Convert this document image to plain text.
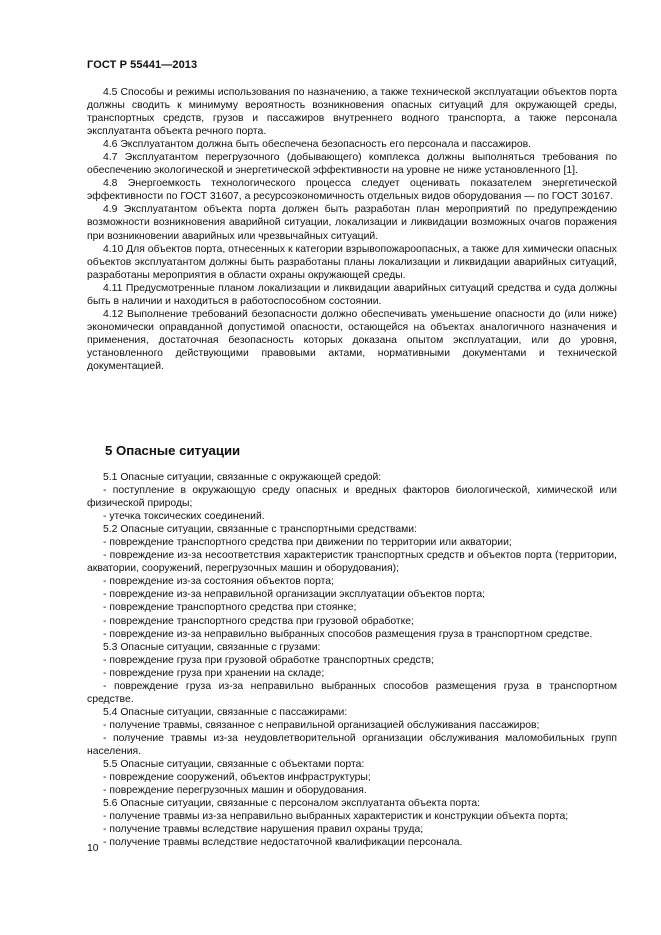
ГОСТ Р 55441—2013

4.5 Способы и режимы использования по назначению, а также технической эксплуатации объектов порта должны сводить к минимуму вероятность возникновения опасных ситуаций для окружающей среды, транспортных средств, грузов и пассажиров внутреннего водного транспорта, а также персонала эксплуатанта объекта речного порта.

4.6 Эксплуатантом должна быть обеспечена безопасность его персонала и пассажиров.

4.7 Эксплуатантом перегрузочного (добывающего) комплекса должны выполняться требования по обеспечению экологической и энергетической эффективности на уровне не ниже установленного [1].

4.8 Энергоемкость технологического процесса следует оценивать показателем энергетической эффективности по ГОСТ 31607, а ресурсоэкономичность отдельных видов оборудования — по ГОСТ 30167.

4.9 Эксплуатантом объекта порта должен быть разработан план мероприятий по предупреждению возможности возникновения аварийной ситуации, локализации и ликвидации возможных очагов поражения при возникновении аварийных или чрезвычайных ситуаций.

4.10 Для объектов порта, отнесенных к категории взрывопожароопасных, а также для химически опасных объектов эксплуатантом должны быть разработаны планы локализации и ликвидации аварийных ситуаций, разработаны мероприятия в области охраны окружающей среды.

4.11 Предусмотренные планом локализации и ликвидации аварийных ситуаций средства и суда должны быть в наличии и находиться в работоспособном состоянии.

4.12 Выполнение требований безопасности должно обеспечивать уменьшение опасности до (или ниже) экономически оправданной допустимой опасности, остающейся на объектах аналогичного назначения и применения, достаточная безопасность которых доказана опытом эксплуатации, или до уровня, установленного действующими правовыми актами, нормативными документами и технической документацией.

5 Опасные ситуации

5.1 Опасные ситуации, связанные с окружающей средой:

- поступление в окружающую среду опасных и вредных факторов биологической, химической или физической природы;

- утечка токсических соединений.

5.2 Опасные ситуации, связанные с транспортными средствами:

- повреждение транспортного средства при движении по территории или акватории;

- повреждение из-за несоответствия характеристик транспортных средств и объектов порта (территории, акватории, сооружений, перегрузочных машин и оборудования);

- повреждение из-за состояния объектов порта;

- повреждение из-за неправильной организации эксплуатации объектов порта;

- повреждение транспортного средства при стоянке;

- повреждение транспортного средства при грузовой обработке;

- повреждение из-за неправильно выбранных способов размещения груза в транспортном средстве.

5.3 Опасные ситуации, связанные с грузами:

- повреждение груза при грузовой обработке транспортных средств;

- повреждение груза при хранении на складе;

- повреждение груза из-за неправильно выбранных способов размещения груза в транспортном средстве.

5.4 Опасные ситуации, связанные с пассажирами:

- получение травмы, связанное с неправильной организацией обслуживания пассажиров;

- получение травмы из-за неудовлетворительной организации обслуживания маломобильных групп населения.

5.5 Опасные ситуации, связанные с объектами порта:

- повреждение сооружений, объектов инфраструктуры;

- повреждение перегрузочных машин и оборудования.

5.6 Опасные ситуации, связанные с персоналом эксплуатанта объекта порта:

- получение травмы из-за неправильно выбранных характеристик и конструкции объекта порта;

- получение травмы вследствие нарушения правил охраны труда;

- получение травмы вследствие недостаточной квалификации персонала.

10
